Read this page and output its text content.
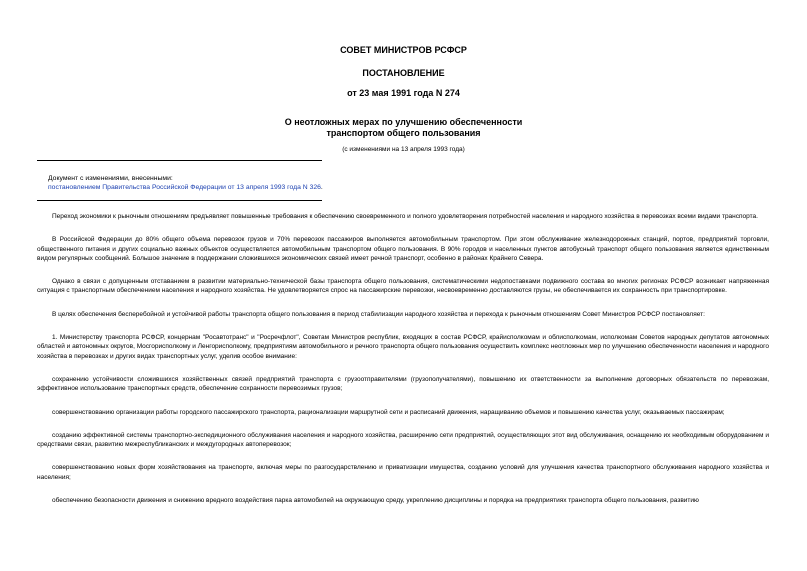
СОВЕТ МИНИСТРОВ РСФСР
ПОСТАНОВЛЕНИЕ
от 23 мая 1991 года N 274
О неотложных мерах по улучшению обеспеченности
транспортом общего пользования
(с изменениями на 13 апреля 1993 года)
Документ с изменениями, внесенными:
постановлением Правительства Российской Федерации от 13 апреля 1993 года N 326.

Переход экономики к рыночным отношениям предъявляет повышенные требования к обеспечению своевременного и полного удовлетворения потребностей населения и народного хозяйства в перевозках всеми видами транспорта.

В Российской Федерации до 80% общего объема перевозок грузов и 70% перевозок пассажиров выполняется автомобильным транспортом. При этом обслуживание железнодорожных станций, портов, предприятий торговли, общественного питания и других социально важных объектов осуществляется автомобильным транспортом общего пользования. В 90% городов и населенных пунктов автобусный транспорт общего пользования является единственным видом регулярных сообщений. Большое значение в поддержании сложившихся экономических связей имеет речной транспорт, особенно в районах Крайнего Севера.

Однако в связи с допущенным отставанием в развитии материально-технической базы транспорта общего пользования, систематическими недопоставками подвижного состава во многих регионах РСФСР возникает напряженная ситуация с транспортным обеспечением населения и народного хозяйства. Не удовлетворяется спрос на пассажирские перевозки, несвоевременно доставляются грузы, не обеспечивается их сохранность при транспортировке.

В целях обеспечения бесперебойной и устойчивой работы транспорта общего пользования в период стабилизации народного хозяйства и перехода к рыночным отношениям Совет Министров РСФСР постановляет:

1. Министерству транспорта РСФСР, концернам "Росавтотранс" и "Росречфлот", Советам Министров республик, входящих в состав РСФСР, крайисполкомам и облисполкомам, исполкомам Советов народных депутатов автономных областей и автономных округов, Мосгорисполкому и Ленгорисполкому, предприятиям автомобильного и речного транспорта общего пользования осуществить комплекс неотложных мер по улучшению обеспеченности населения и народного хозяйства в перевозках и других видах транспортных услуг, уделив особое внимание:

сохранению устойчивости сложившихся хозяйственных связей предприятий транспорта с грузоотправителями (грузополучателями), повышению их ответственности за выполнение договорных обязательств по перевозкам, эффективное использование транспортных средств, обеспечение сохранности перевозимых грузов;

совершенствованию организации работы городского пассажирского транспорта, рационализации маршрутной сети и расписаний движения, наращиванию объемов и повышению качества услуг, оказываемых пассажирам;

созданию эффективной системы транспортно-экспедиционного обслуживания населения и народного хозяйства, расширению сети предприятий, осуществляющих этот вид обслуживания, оснащению их необходимым оборудованием и средствами связи, развитию межреспубликанских и междугородных автоперевозок;

совершенствованию новых форм хозяйствования на транспорте, включая меры по разгосударствлению и приватизации имущества, созданию условий для улучшения качества транспортного обслуживания народного хозяйства и населения;

обеспечению безопасности движения и снижению вредного воздействия парка автомобилей на окружающую среду, укреплению дисциплины и порядка на предприятиях транспорта общего пользования, развитию
